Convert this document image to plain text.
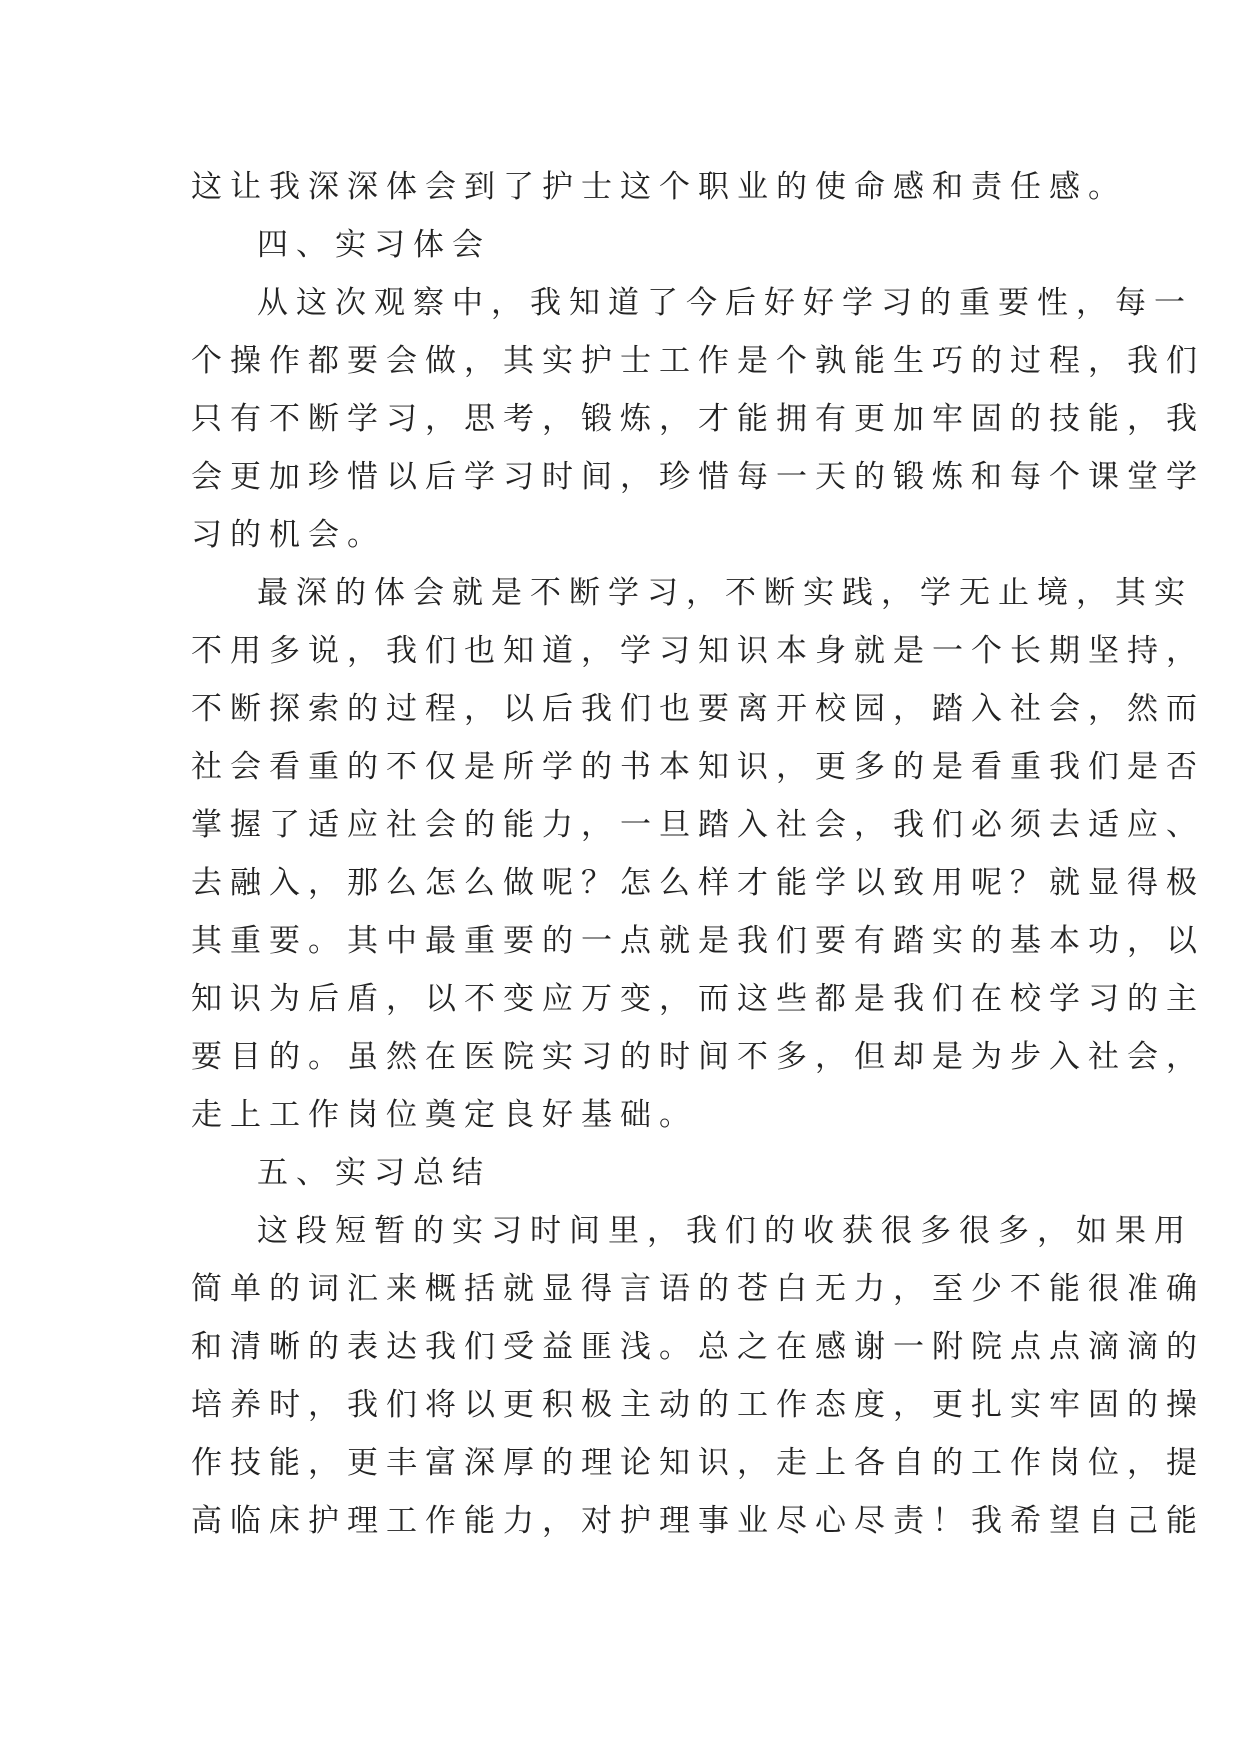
这让我深深体会到了护士这个职业的使命感和责任感。
四、实习体会
从这次观察中，我知道了今后好好学习的重要性，每一
个操作都要会做，其实护士工作是个孰能生巧的过程，我们
只有不断学习，思考，锻炼，才能拥有更加牢固的技能，我
会更加珍惜以后学习时间，珍惜每一天的锻炼和每个课堂学
习的机会。
最深的体会就是不断学习，不断实践，学无止境，其实
不用多说，我们也知道，学习知识本身就是一个长期坚持，
不断探索的过程，以后我们也要离开校园，踏入社会，然而
社会看重的不仅是所学的书本知识，更多的是看重我们是否
掌握了适应社会的能力，一旦踏入社会，我们必须去适应、
去融入，那么怎么做呢？怎么样才能学以致用呢？就显得极
其重要。其中最重要的一点就是我们要有踏实的基本功，以
知识为后盾，以不变应万变，而这些都是我们在校学习的主
要目的。虽然在医院实习的时间不多，但却是为步入社会，
走上工作岗位奠定良好基础。
五、实习总结
这段短暂的实习时间里，我们的收获很多很多，如果用
简单的词汇来概括就显得言语的苍白无力，至少不能很准确
和清晰的表达我们受益匪浅。总之在感谢一附院点点滴滴的
培养时，我们将以更积极主动的工作态度，更扎实牢固的操
作技能，更丰富深厚的理论知识，走上各自的工作岗位，提
高临床护理工作能力，对护理事业尽心尽责！我希望自己能
